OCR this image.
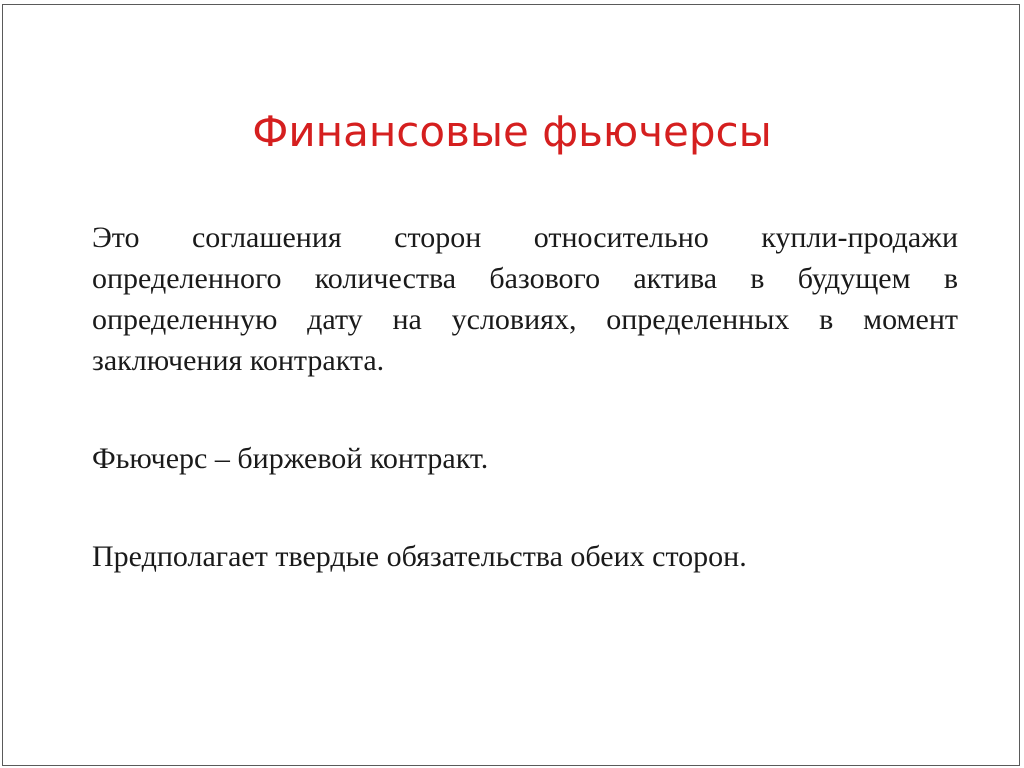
Финансовые фьючерсы

Это соглашения сторон относительно купли-продажи определенного количества базового актива в будущем в определенную дату на условиях, определенных в момент заключения контракта.

Фьючерс – биржевой контракт.

Предполагает твердые обязательства обеих сторон.
